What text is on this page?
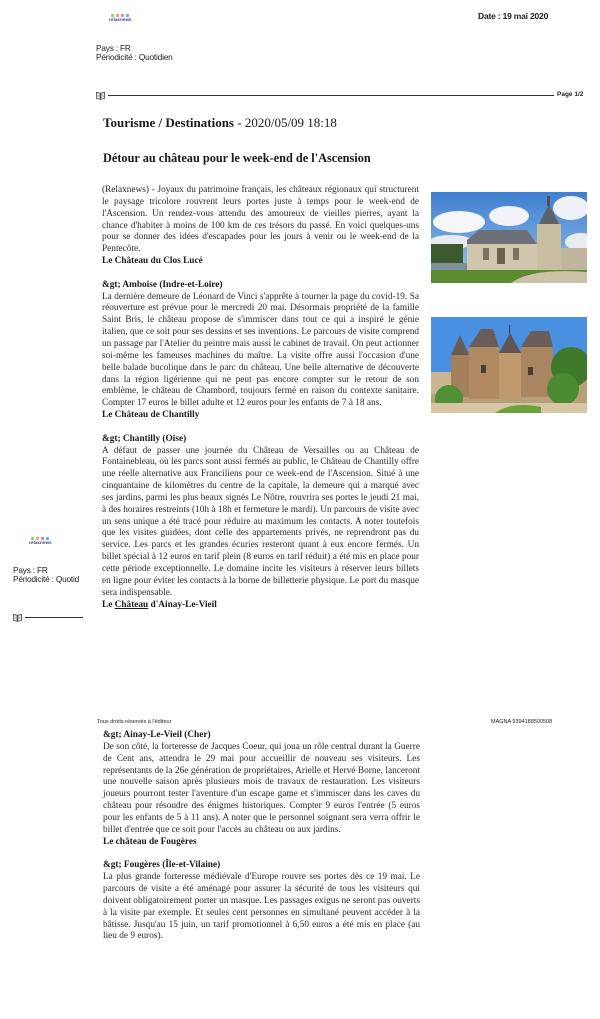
relaxnews	Date : 19 mai 2020
Pays : FR
Périodicité : Quotidien
Page 1/2
Tourisme / Destinations - 2020/05/09 18:18
Détour au château pour le week-end de l'Ascension

(Relaxnews) - Joyaux du patrimoine français, les châteaux régionaux qui structurent le paysage tricolore rouvrent leurs portes juste à temps pour le week-end de l'Ascension. Un rendez-vous attendu des amoureux de vieilles pierres, ayant la chance d'habiter à moins de 100 km de ces trésors du passé. En voici quelques-uns pour se donner des idées d'escapades pour les jours à venir ou le week-end de la Pentecôte.

Le Château du Clos Lucé

&gt; Amboise (Indre-et-Loire)

La dernière demeure de Léonard de Vinci s'apprête à tourner la page du covid-19. Sa réouverture est prévue pour le mercredi 20 mai. Désormais propriété de la famille Saint Bris, le château propose de s'immiscer dans tout ce qui a inspiré le génie italien, que ce soit pour ses dessins et ses inventions. Le parcours de visite comprend un passage par l'Atelier du peintre mais aussi le cabinet de travail. On peut actionner soi-même les fameuses machines du maître. La visite offre aussi l'occasion d'une belle balade bucolique dans le parc du château. Une belle alternative de découverte dans la région ligérienne qui ne peut pas encore compter sur le retour de son emblème, le château de Chambord, toujours fermé en raison du contexte sanitaire. Compter 17 euros le billet adulte et 12 euros pour les enfants de 7 à 18 ans.

Le Château de Chantilly

&gt; Chantilly (Oise)

A défaut de passer une journée du Château de Versailles ou au Château de Fontainebleau, où les parcs sont aussi fermés au public, le Château de Chantilly offre une réelle alternative aux Franciliens pour ce week-end de l'Ascension. Situé à une cinquantaine de kilomètres du centre de la capitale, la demeure qui a marqué avec ses jardins, parmi les plus beaux signés Le Nôtre, rouvrira ses portes le jeudi 21 mai, à des horaires restreints (10h à 18h et fermeture le mardi). Un parcours de visite avec un sens unique a été tracé pour réduire au maximum les contacts. A noter toutefois que les visites guidées, dont celle des appartements privés, ne reprendront pas du service. Les parcs et les grandes écuries resteront quant à eux encore fermés. Un billet spécial à 12 euros en tarif plein (8 euros en tarif réduit) a été mis en place pour cette période exceptionnelle. Le domaine incite les visiteurs à réserver leurs billets en ligne pour éviter les contacts à la borne de billetterie physique. Le port du masque sera indispensable.

Le Château d'Ainay-Le-Vieil

relaxnews
Pays : FR
Périodicité : Quotid
Tous droits réservés à l'éditeur	MAGNA 9394188500508

&gt; Ainay-Le-Vieil (Cher)

De son côté, la forteresse de Jacques Coeur, qui joua un rôle central durant la Guerre de Cent ans, attendra le 29 mai pour accueillir de nouveau ses visiteurs. Les représentants de la 26e génération de propriétaires, Arielle et Hervé Borne, lanceront une nouvelle saison après plusieurs mois de travaux de restauration. Les visiteurs joueurs pourront tester l'aventure d'un escape game et s'immiscer dans les caves du château pour résoudre des énigmes historiques. Compter 9 euros l'entrée (5 euros pour les enfants de 5 à 11 ans). A noter que le personnel soignant sera verra offrir le billet d'entrée que ce soit pour l'accès au château ou aux jardins.

Le château de Fougères

&gt; Fougères (Île-et-Vilaine)

La plus grande forteresse médiévale d'Europe rouvre ses portes dès ce 19 mai. Le parcours de visite a été aménagé pour assurer la sécurité de tous les visiteurs qui doivent obligatoirement porter un masque. Les passages exigus ne seront pas ouverts à la visite par exemple. Et seules cent personnes en simultané peuvent accéder à la bâtisse. Jusqu'au 15 juin, un tarif promotionnel à 6,50 euros a été mis en place (au lieu de 9 euros).
